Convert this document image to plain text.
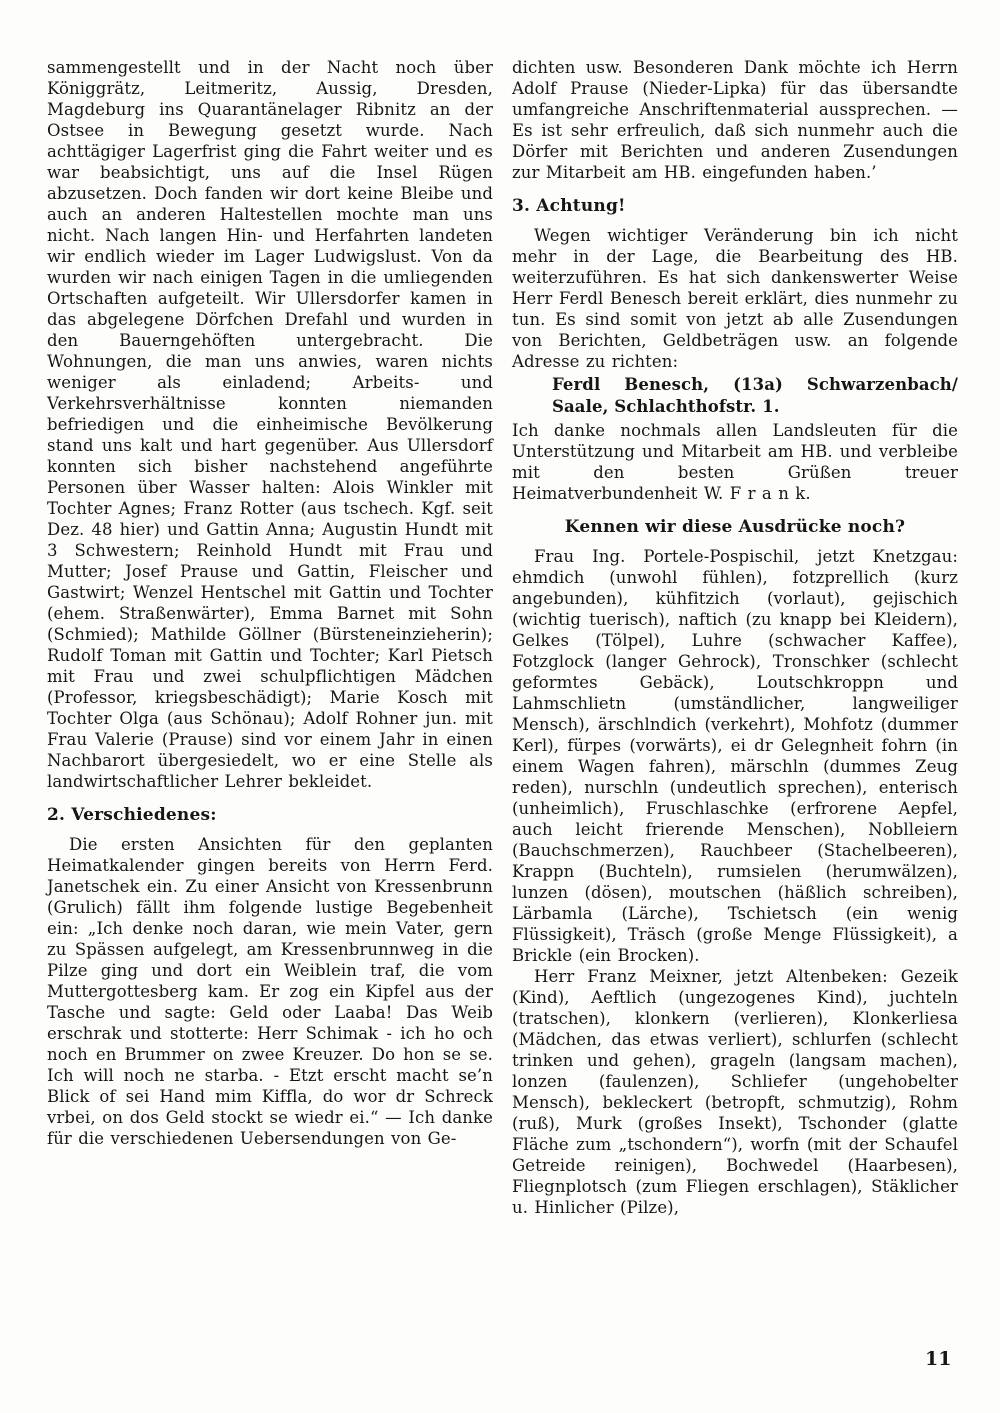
sammengestellt und in der Nacht noch über Königgrätz, Leitmeritz, Aussig, Dresden, Magdeburg ins Quarantänelager Ribnitz an der Ostsee in Bewegung gesetzt wurde. Nach achttägiger Lagerfrist ging die Fahrt weiter und es war beabsichtigt, uns auf die Insel Rügen abzusetzen. Doch fanden wir dort keine Bleibe und auch an anderen Haltestellen mochte man uns nicht. Nach langen Hin- und Herfahrten landeten wir endlich wieder im Lager Ludwigslust. Von da wurden wir nach einigen Tagen in die umliegenden Ortschaften aufgeteilt. Wir Ullersdorfer kamen in das abgelegene Dörfchen Drefahl und wurden in den Bauerngehöften untergebracht. Die Wohnungen, die man uns anwies, waren nichts weniger als einladend; Arbeits- und Verkehrsverhältnisse konnten niemanden befriedigen und die einheimische Bevölkerung stand uns kalt und hart gegenüber. Aus Ullersdorf konnten sich bisher nachstehend angeführte Personen über Wasser halten: Alois Winkler mit Tochter Agnes; Franz Rotter (aus tschech. Kgf. seit Dez. 48 hier) und Gattin Anna; Augustin Hundt mit 3 Schwestern; Reinhold Hundt mit Frau und Mutter; Josef Prause und Gattin, Fleischer und Gastwirt; Wenzel Hentschel mit Gattin und Tochter (ehem. Straßenwärter), Emma Barnet mit Sohn (Schmied); Mathilde Göllner (Bürsteneinzieherin); Rudolf Toman mit Gattin und Tochter; Karl Pietsch mit Frau und zwei schulpflichtigen Mädchen (Professor, kriegsbeschädigt); Marie Kosch mit Tochter Olga (aus Schönau); Adolf Rohner jun. mit Frau Valerie (Prause) sind vor einem Jahr in einen Nachbarort übergesiedelt, wo er eine Stelle als landwirtschaftlicher Lehrer bekleidet.

2. Verschiedenes:

Die ersten Ansichten für den geplanten Heimatkalender gingen bereits von Herrn Ferd. Janetschek ein. Zu einer Ansicht von Kressenbrunn (Grulich) fällt ihm folgende lustige Begebenheit ein: „Ich denke noch daran, wie mein Vater, gern zu Spässen aufgelegt, am Kressenbrunnweg in die Pilze ging und dort ein Weiblein traf, die vom Muttergottesberg kam. Er zog ein Kipfel aus der Tasche und sagte: Geld oder Laaba! Das Weib erschrak und stotterte: Herr Schimak - ich ho och noch en Brummer on zwee Kreuzer. Do hon se se. Ich will noch ne starba. - Etzt erscht macht se’n Blick of sei Hand mim Kiffla, do wor dr Schreck vrbei, on dos Geld stockt se wiedr ei.“ — Ich danke für die verschiedenen Uebersendungen von Ge-

dichten usw. Besonderen Dank möchte ich Herrn Adolf Prause (Nieder-Lipka) für das übersandte umfangreiche Anschriftenmaterial aussprechen. — Es ist sehr erfreulich, daß sich nunmehr auch die Dörfer mit Berichten und anderen Zusendungen zur Mitarbeit am HB. eingefunden haben.’

3. Achtung!

Wegen wichtiger Veränderung bin ich nicht mehr in der Lage, die Bearbeitung des HB. weiterzuführen. Es hat sich dankenswerter Weise Herr Ferdl Benesch bereit erklärt, dies nunmehr zu tun. Es sind somit von jetzt ab alle Zusendungen von Berichten, Geldbeträgen usw. an folgende Adresse zu richten:

Ferdl Benesch, (13a) Schwarzenbach/
Saale, Schlachthofstr. 1.

Ich danke nochmals allen Landsleuten für die Unterstützung und Mitarbeit am HB. und verbleibe mit den besten Grüßen treuer Heimatverbundenheit W. F r a n k.

Kennen wir diese Ausdrücke noch?

Frau Ing. Portele-Pospischil, jetzt Knetzgau: ehmdich (unwohl fühlen), fotzprellich (kurz angebunden), kühfitzich (vorlaut), gejischich (wichtig tuerisch), naftich (zu knapp bei Kleidern), Gelkes (Tölpel), Luhre (schwacher Kaffee), Fotzglock (langer Gehrock), Tronschker (schlecht geformtes Gebäck), Loutschkroppn und Lahmschlietn (umständlicher, langweiliger Mensch), ärschlndich (verkehrt), Mohfotz (dummer Kerl), fürpes (vorwärts), ei dr Gelegnheit fohrn (in einem Wagen fahren), märschln (dummes Zeug reden), nurschln (undeutlich sprechen), enterisch (unheimlich), Fruschlaschke (erfrorene Aepfel, auch leicht frierende Menschen), Noblleiern (Bauchschmerzen), Rauchbeer (Stachelbeeren), Krappn (Buchteln), rumsielen (herumwälzen), lunzen (dösen), moutschen (häßlich schreiben), Lärbamla (Lärche), Tschietsch (ein wenig Flüssigkeit), Träsch (große Menge Flüssigkeit), a Brickle (ein Brocken).

Herr Franz Meixner, jetzt Altenbeken: Gezeik (Kind), Aeftlich (ungezogenes Kind), juchteln (tratschen), klonkern (verlieren), Klonkerliesa (Mädchen, das etwas verliert), schlurfen (schlecht trinken und gehen), grageln (langsam machen), lonzen (faulenzen), Schliefer (ungehobelter Mensch), bekleckert (betropft, schmutzig), Rohm (ruß), Murk (großes Insekt), Tschonder (glatte Fläche zum „tschondern“), worfn (mit der Schaufel Getreide reinigen), Bochwedel (Haarbesen), Fliegnplotsch (zum Fliegen erschlagen), Stäklicher u. Hinlicher (Pilze),

11
